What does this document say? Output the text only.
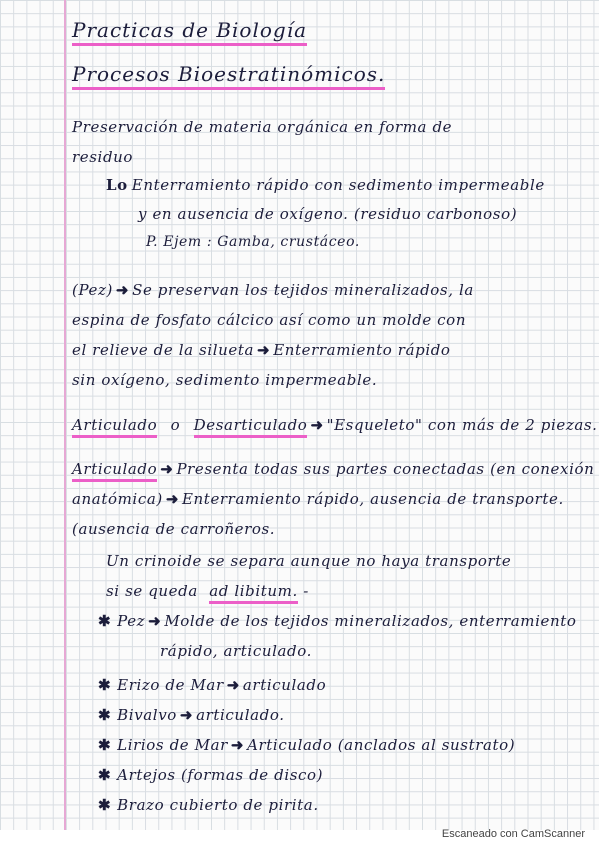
Practicas de Biología
Procesos Bioestratinómicos.
Preservación de materia orgánica en forma de
residuo
Lo Enterramiento rápido con sedimento impermeable
y en ausencia de oxígeno. (residuo carbonoso)
P. Ejem : Gamba, crustáceo.
(Pez) ➜ Se preservan los tejidos mineralizados, la
espina de fosfato cálcico así como un molde con
el relieve de la silueta ➜ Enterramiento rápido
sin oxígeno, sedimento impermeable.
Articulado o Desarticulado ➜ "Esqueleto" con más de 2 piezas.
Articulado ➜ Presenta todas sus partes conectadas (en conexión
anatómica) ➜ Enterramiento rápido, ausencia de transporte.
(ausencia de carroñeros.
Un crinoide se separa aunque no haya transporte
si se queda ad libitum. -
✱ Pez ➜ Molde de los tejidos mineralizados, enterramiento
rápido, articulado.
✱ Erizo de Mar ➜ articulado
✱ Bivalvo ➜ articulado.
✱ Lirios de Mar ➜ Articulado (anclados al sustrato)
✱ Artejos (formas de disco)
✱ Brazo cubierto de pirita.
Escaneado con CamScanner
